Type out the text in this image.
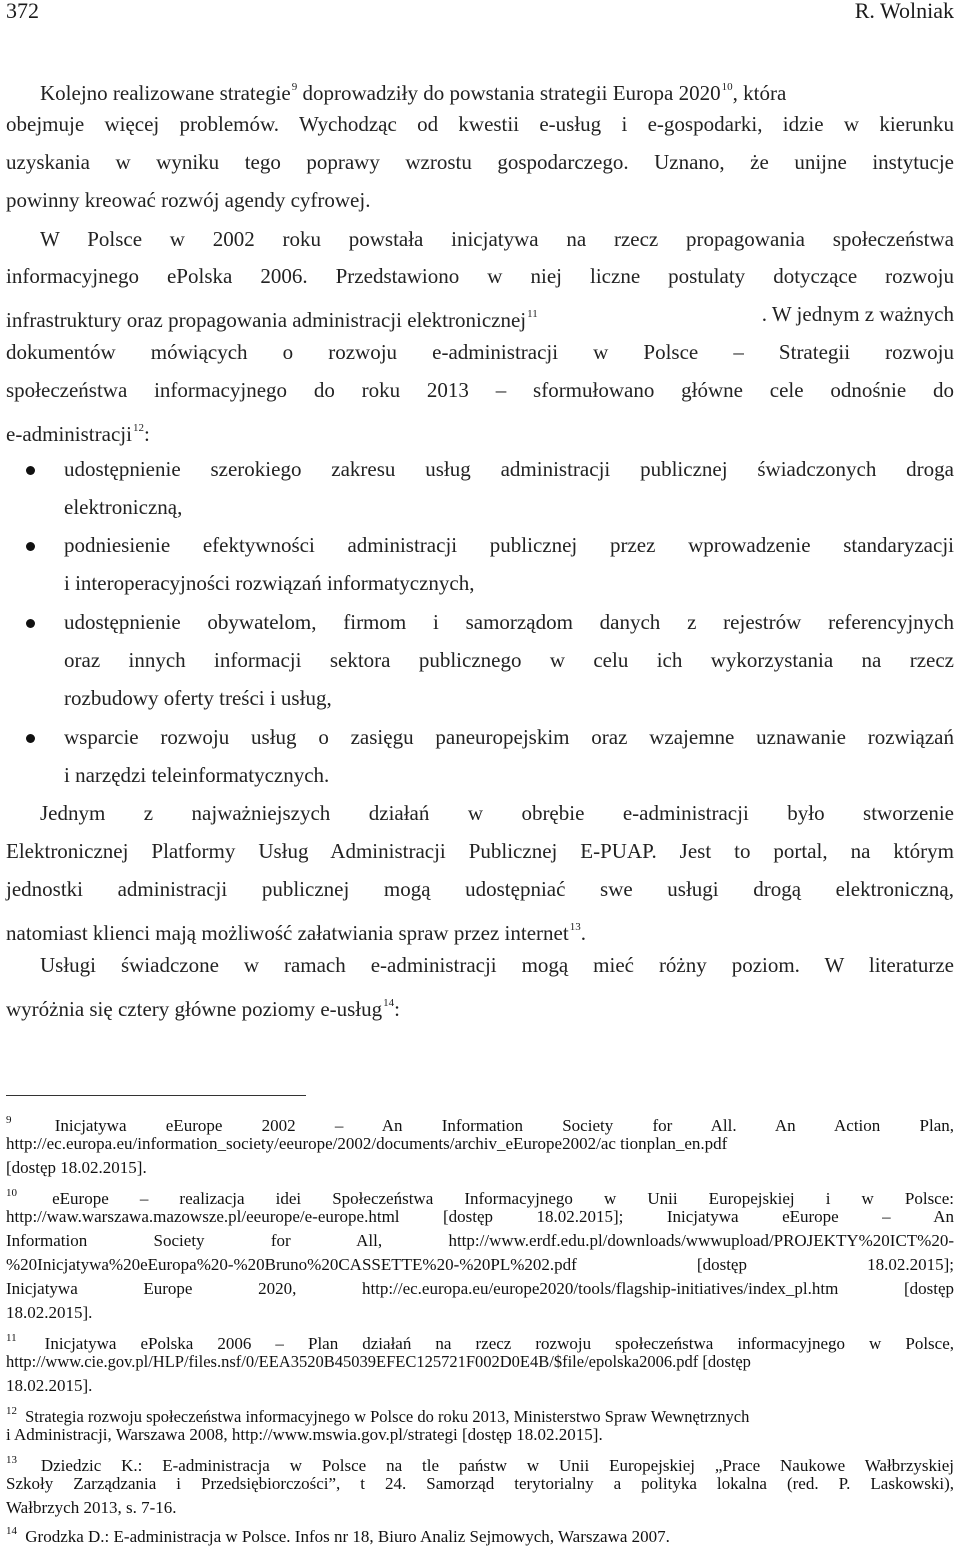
372	R. Wolniak
Kolejno realizowane strategie$^9$ doprowadziły do powstania strategii Europa 2020$^{10}$, która
obejmuje więcej problemów. Wychodząc od kwestii e-usług i e-gospodarki, idzie w kierunku
uzyskania w wyniku tego poprawy wzrostu gospodarczego. Uznano, że unijne instytucje
powinny kreować rozwój agendy cyfrowej.
W Polsce w 2002 roku powstała inicjatywa na rzecz propagowania społeczeństwa
informacyjnego ePolska 2006. Przedstawiono w niej liczne postulaty dotyczące rozwoju
infrastruktury oraz propagowania administracji elektronicznej$^{11}$	. W jednym z ważnych
dokumentów mówiących o rozwoju e-administracji w Polsce – Strategii rozwoju
społeczeństwa informacyjnego do roku 2013 – sformułowano główne cele odnośnie do
e-administracji$^{12}$:
udostępnienie szerokiego zakresu usług administracji publicznej świadczonych droga
elektroniczną,
podniesienie efektywności administracji publicznej przez wprowadzenie standaryzacji
i interoperacyjności rozwiązań informatycznych,
udostępnienie obywatelom, firmom i samorządom danych z rejestrów referencyjnych
oraz innych informacji sektora publicznego w celu ich wykorzystania na rzecz
rozbudowy oferty treści i usług,
wsparcie rozwoju usług o zasięgu paneuropejskim oraz wzajemne uznawanie rozwiązań
i narzędzi teleinformatycznych.
Jednym z najważniejszych działań w obrębie e-administracji było stworzenie
Elektronicznej Platformy Usług Administracji Publicznej E-PUAP. Jest to portal, na którym
jednostki administracji publicznej mogą udostępniać swe usługi drogą elektroniczną,
natomiast klienci mają możliwość załatwiania spraw przez internet$^{13}$.
Usługi świadczone w ramach e-administracji mogą mieć różny poziom. W literaturze
wyróżnia się cztery główne poziomy e-usług$^{14}$:
$^9$	Inicjatywa eEurope 2002 – An Information Society for All. An Action Plan,
http://ec.europa.eu/information_society/eeurope/2002/documents/archiv_eEurope2002/ac tionplan_en.pdf
[dostęp 18.02.2015].
$^{10}$ eEurope – realizacja idei Społeczeństwa Informacyjnego w Unii Europejskiej i w Polsce:
http://waw.warszawa.mazowsze.pl/eeurope/e-europe.html [dostęp 18.02.2015]; Inicjatywa eEurope – An
Information Society for All, http://www.erdf.edu.pl/downloads/wwwupload/PROJEKTY%20ICT%20-
%20Inicjatywa%20eEuropa%20-%20Bruno%20CASSETTE%20-%20PL%202.pdf [dostęp 18.02.2015];
Inicjatywa Europe 2020, http://ec.europa.eu/europe2020/tools/flagship-initiatives/index_pl.htm [dostęp
18.02.2015].
$^{11}$ Inicjatywa ePolska 2006 – Plan działań na rzecz rozwoju społeczeństwa informacyjnego w Polsce,
http://www.cie.gov.pl/HLP/files.nsf/0/EEA3520B45039EFEC125721F002D0E4B/$file/epolska2006.pdf [dostęp
18.02.2015].
$^{12}$ Strategia rozwoju społeczeństwa informacyjnego w Polsce do roku 2013, Ministerstwo Spraw Wewnętrznych
i Administracji, Warszawa 2008, http://www.mswia.gov.pl/strategi [dostęp 18.02.2015].
$^{13}$ Dziedzic K.: E-administracja w Polsce na tle państw w Unii Europejskiej „Prace Naukowe Wałbrzyskiej
Szkoły Zarządzania i Przedsiębiorczości”, t 24. Samorząd terytorialny a polityka lokalna (red. P. Laskowski),
Wałbrzych 2013, s. 7-16.
$^{14}$ Grodzka D.: E-administracja w Polsce. Infos nr 18, Biuro Analiz Sejmowych, Warszawa 2007.
